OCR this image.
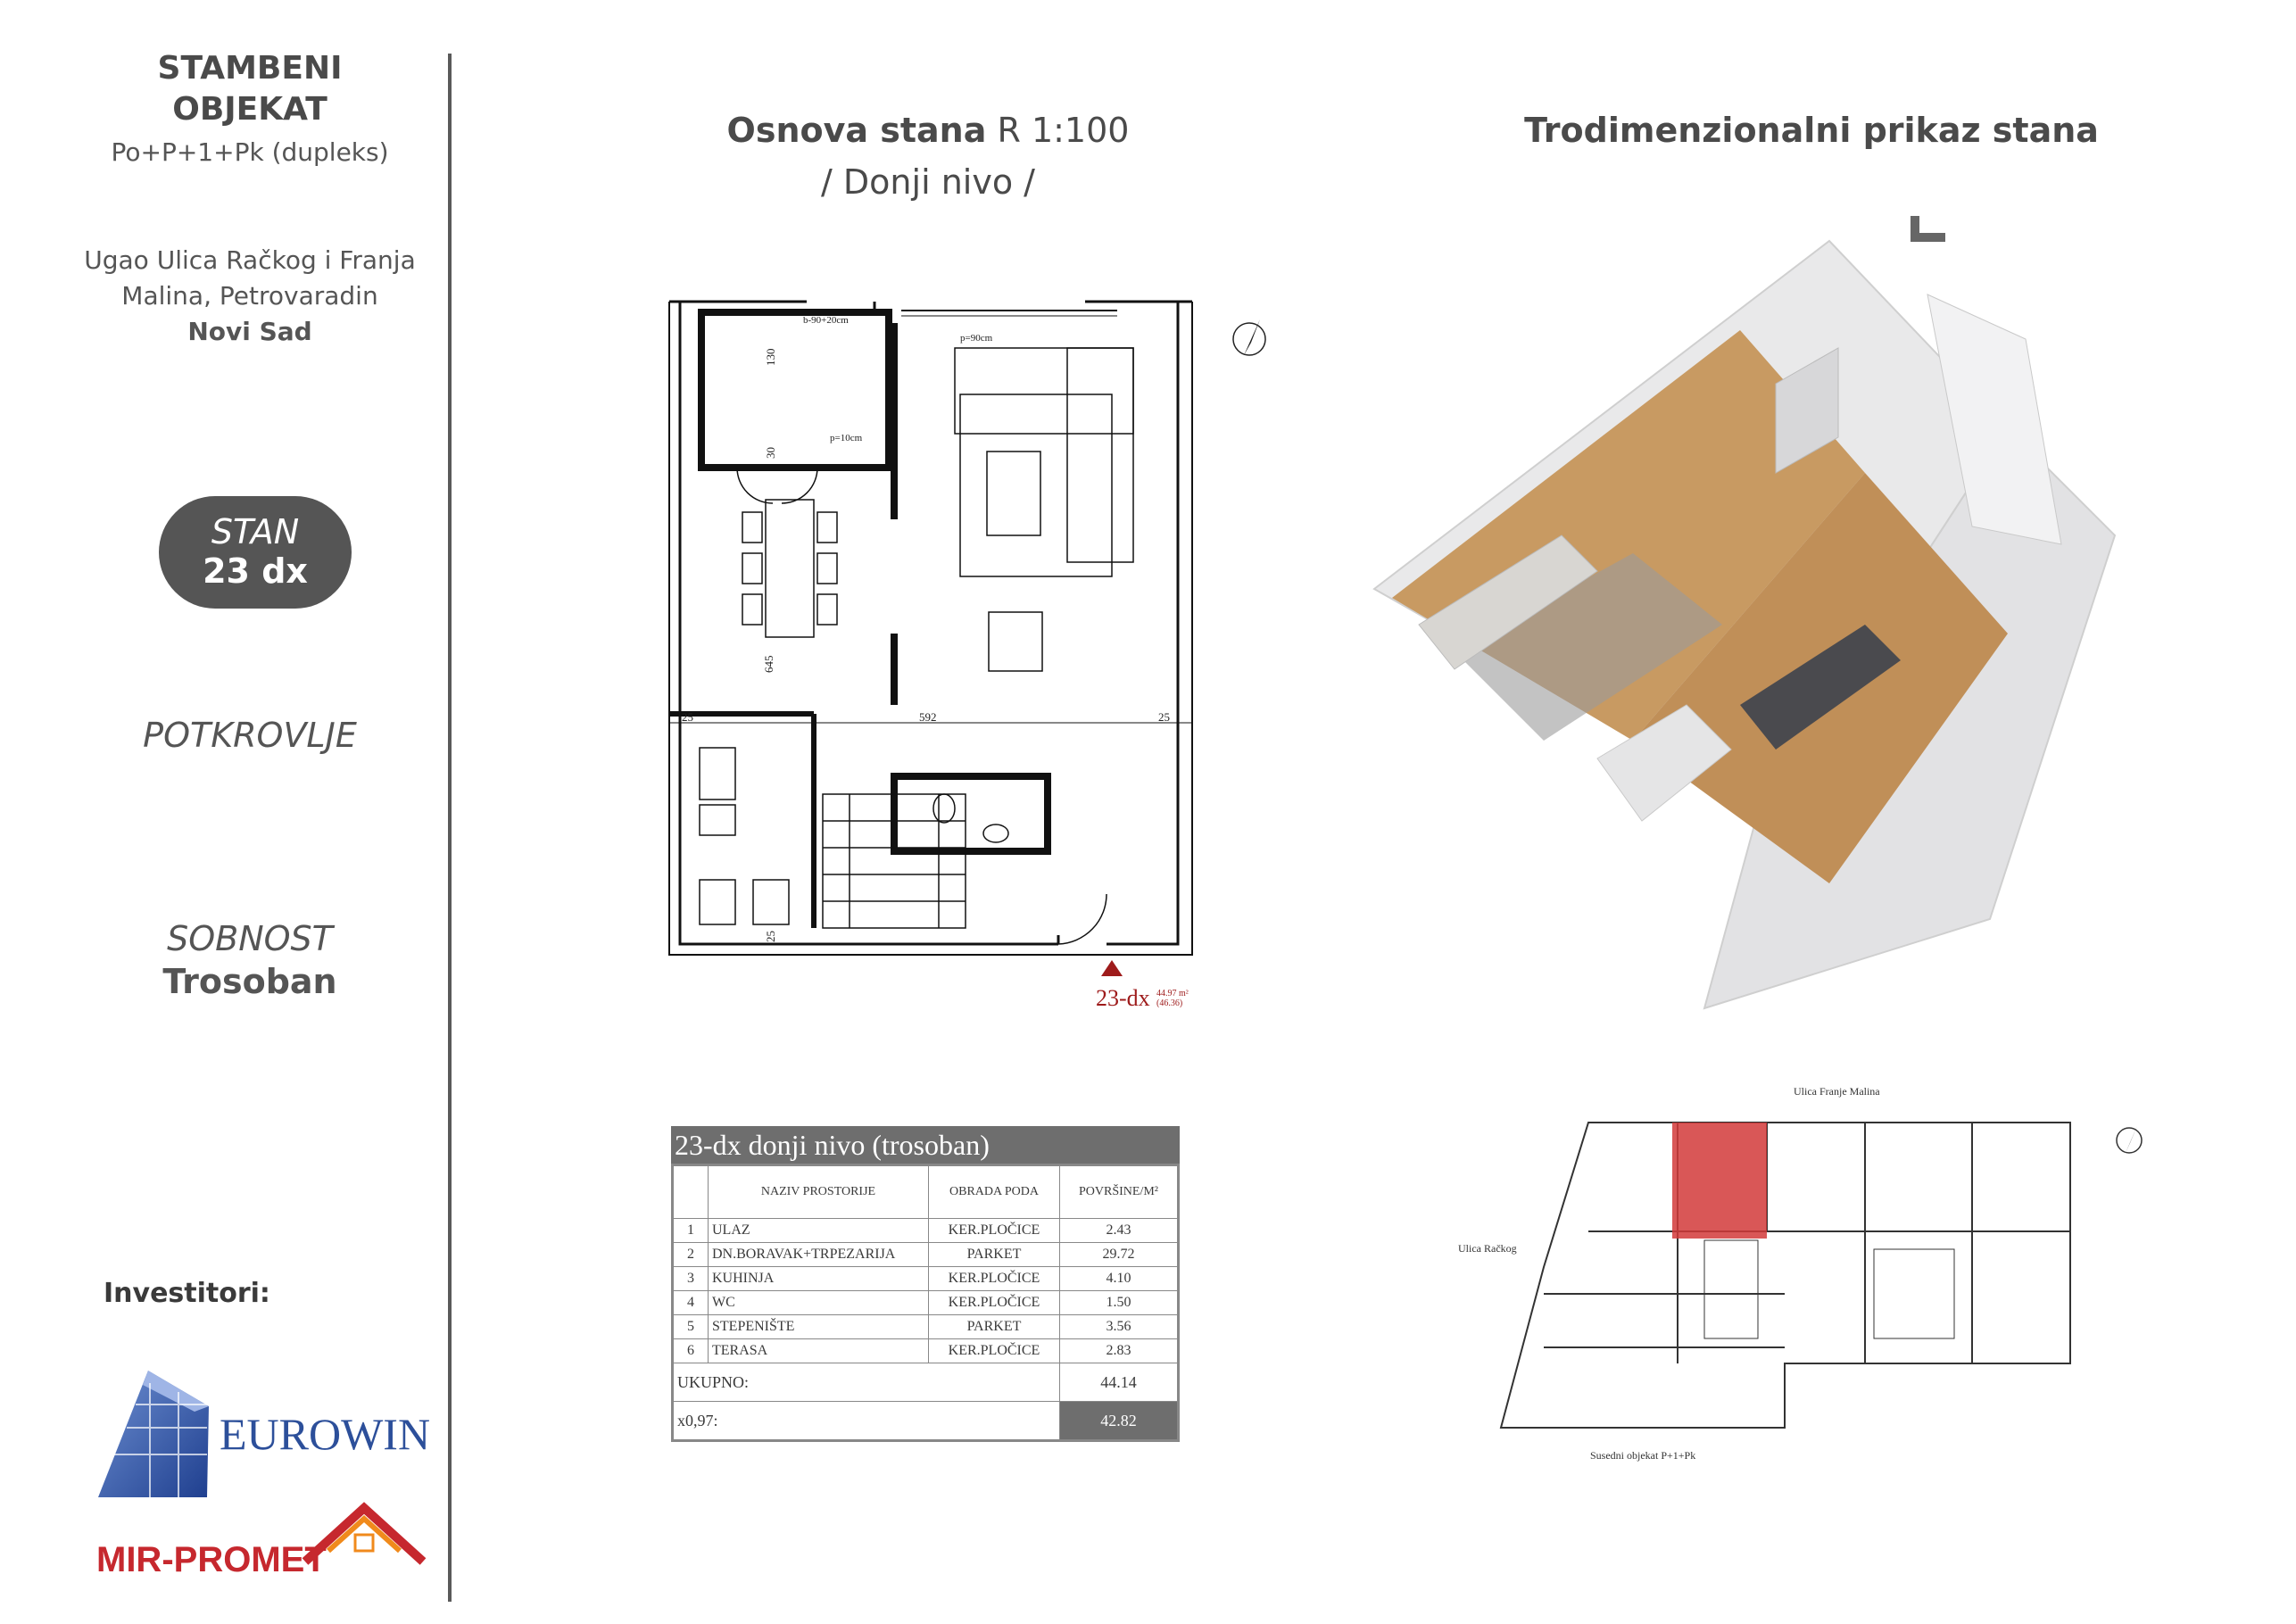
STAMBENI
OBJEKAT
Po+P+1+Pk (dupleks)
Ugao Ulica Račkog i Franja
Malina, Petrovaradin
Novi Sad
STAN
23 dx
POTKROVLJE
SOBNOST
Trosoban
Investitori:
EUROWIN
MIR-PROMET
Osnova stana R 1:100
/ Donji nivo /
25	592	25
645
130
30
25
b-90+20cm
p=90cm
p=10cm
23-dx 44.97 m²
(46.36)
Trodimenzionalni prikaz stana
23-dx donji nivo (trosoban)
	NAZIV PROSTORIJE	OBRADA PODA	POVRŠINE/M²
1	ULAZ	KER.PLOČICE	2.43
2	DN.BORAVAK+TRPEZARIJA	PARKET	29.72
3	KUHINJA	KER.PLOČICE	4.10
4	WC	KER.PLOČICE	1.50
5	STEPENIŠTE	PARKET	3.56
6	TERASA	KER.PLOČICE	2.83
UKUPNO:			44.14
x0,97:			42.82
Ulica Franje Malina
Ulica Račkog
Susedni objekat P+1+Pk
